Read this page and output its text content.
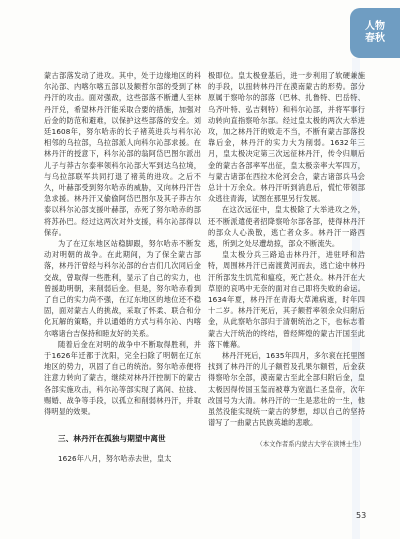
人物
春秋

蒙古部落发动了进攻。其中，处于边缘地区的科尔沁部、内喀尔喀五部以及额哲尔部的受到了林丹汗的攻击。面对强敌，这些部落不断遭人至林丹汗兑，希望林丹汗能采取合要的措施，加强对后金的防范和避难，以保护这些部落的安全。刘廷1608年，努尔哈赤的长子褚英进兵与科尔沁相邻的乌拉部，乌拉部派人向科尔沁部求援。在林丹汗的授意下，科尔沁部的翁阿岱巴图尔派出儿子与莽古尔泰率领科尔沁部大军到达乌拉境，与乌拉部联军共同打退了褚英的进攻。之后不久，叶赫部受到努尔哈赤的威胁，又向林丹汗告急求援。林丹汗又偷偷阿岱巴图尔及其子莽古尔泰以科尔沁部支援叶赫部，赤死了努尔哈赤的部将苏孙巴。经过这两次对外支援，科尔沁部得以保存。

为了在辽东地区站稳脚跟，努尔哈赤不断发动对明朝的战争。在此期间，为了保全蒙古部落，林丹汗曾经与科尔沁部的台吉们几次同后金交战，曾取得一些胜利，显示了自己的实力，也曾援助明朝，来削弱后金。但是，努尔哈赤看到了自己的实力尚不强，在辽东地区的地位还不稳固，面对蒙古人的挑战，采取了怀柔、联合和分化瓦解的策略，并以通婚的方式与科尔沁、内喀尔喀诸台吉保持和睦友好的关系。

随着后金在对明的战争中不断取得胜利，并于1626年迁都于沈阳，完全扫除了明朝在辽东地区的势力，巩固了自己的统治。努尔哈赤便将注意力转向了蒙古，继续对林丹汗控制下的蒙古各部实施攻击，科尔沁等部实现了离间、拉拢、赐婚、战争等手段，以孤立和削弱林丹汗，并取得明显的效果。

三、林丹汗在孤独与期望中离世

1626年八月，努尔哈赤去世，皇太

极即位。皇太极登基后，进一步利用了软硬兼施的手段，以扭转林丹汗在漠南蒙古的形势。部分原属于察哈尔的部落（巴林、扎鲁特、巴岳特、乌齐叶特、弘吉剌特）和科尔沁部，并将军事行动转向直指察哈尔部。经过皇太极的两次大举进攻，加之林丹汗的败走不当，不断有蒙古部落投靠后金，林丹汗的实力大为削弱。1632年三月，皇太极决定第三次远征林丹汗，传令归顺后金的蒙古各部率军出征，皇太极亲率大军四万，与蒙古诸部在西拉木伦河会合，蒙古诸部兵马会总计十万余众。林丹汗听到消息后，慌忙带领部众逃往青海，试图在那里另行发展。

在这次远征中，皇太极除了大举进攻之外，还不断派遣使者招降察哈尔部各部，使得林丹汗的部众人心涣散，逃亡者众多。林丹汗一路西逃，所到之处尽遭劫掠，部众不断流失。

皇太极分兵三路追击林丹汗，进驻呼和浩特，周围林丹汗已南渡黄河而去，逃亡途中林丹汗所部发生饥荒和瘟疫，死亡甚众。林丹汗在大草原的哀鸣中无奈的面对自己即将失败的命运。1634年夏，林丹汗在青海大草滩病逝，时年四十二岁。林丹汗死后，其子额哲率领余众归附后金，从此察哈尔部归于清朝统治之下，也标志着蒙古大汗统治的终结，曾经辉煌的蒙古汗国至此落下帷幕。

林丹汗死后，1635年四月，多尔衮在托里图找到了林丹汗的儿子额哲及孔果尔额哲，后金获得察哈尔全部，漠南蒙古至此全部归附后金，皇太极因得传国玉玺而被尊为宽温仁圣皇帝，次年改国号为大清。林丹汗的一生是悲壮的一生，他虽然没能实现统一蒙古的梦想，却以自己的坚持谱写了一曲蒙古民族英雄的悲歌。

（本文作者系内蒙古大学在读博士生）
53
